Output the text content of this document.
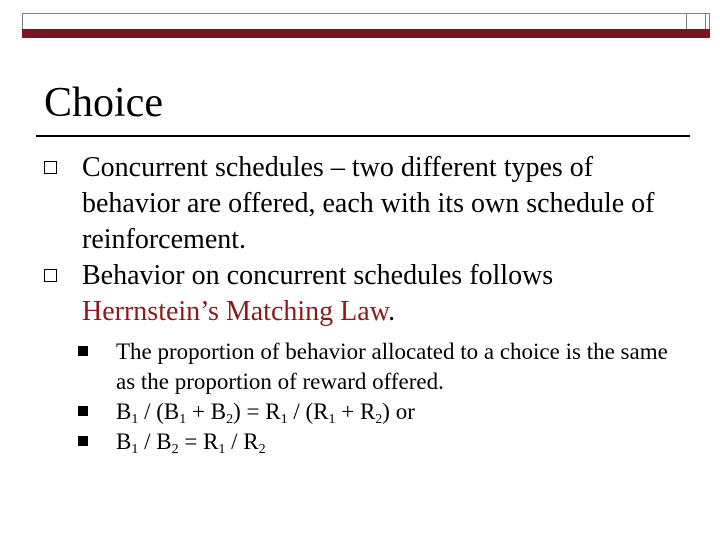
Choice
Concurrent schedules – two different types of behavior are offered, each with its own schedule of reinforcement.
Behavior on concurrent schedules follows Herrnstein’s Matching Law.
The proportion of behavior allocated to a choice is the same as the proportion of reward offered.
$B_1 / (B_1 + B_2) = R_1 / (R_1 + R_2)$ or
$B_1 / B_2 = R_1 / R_2$
